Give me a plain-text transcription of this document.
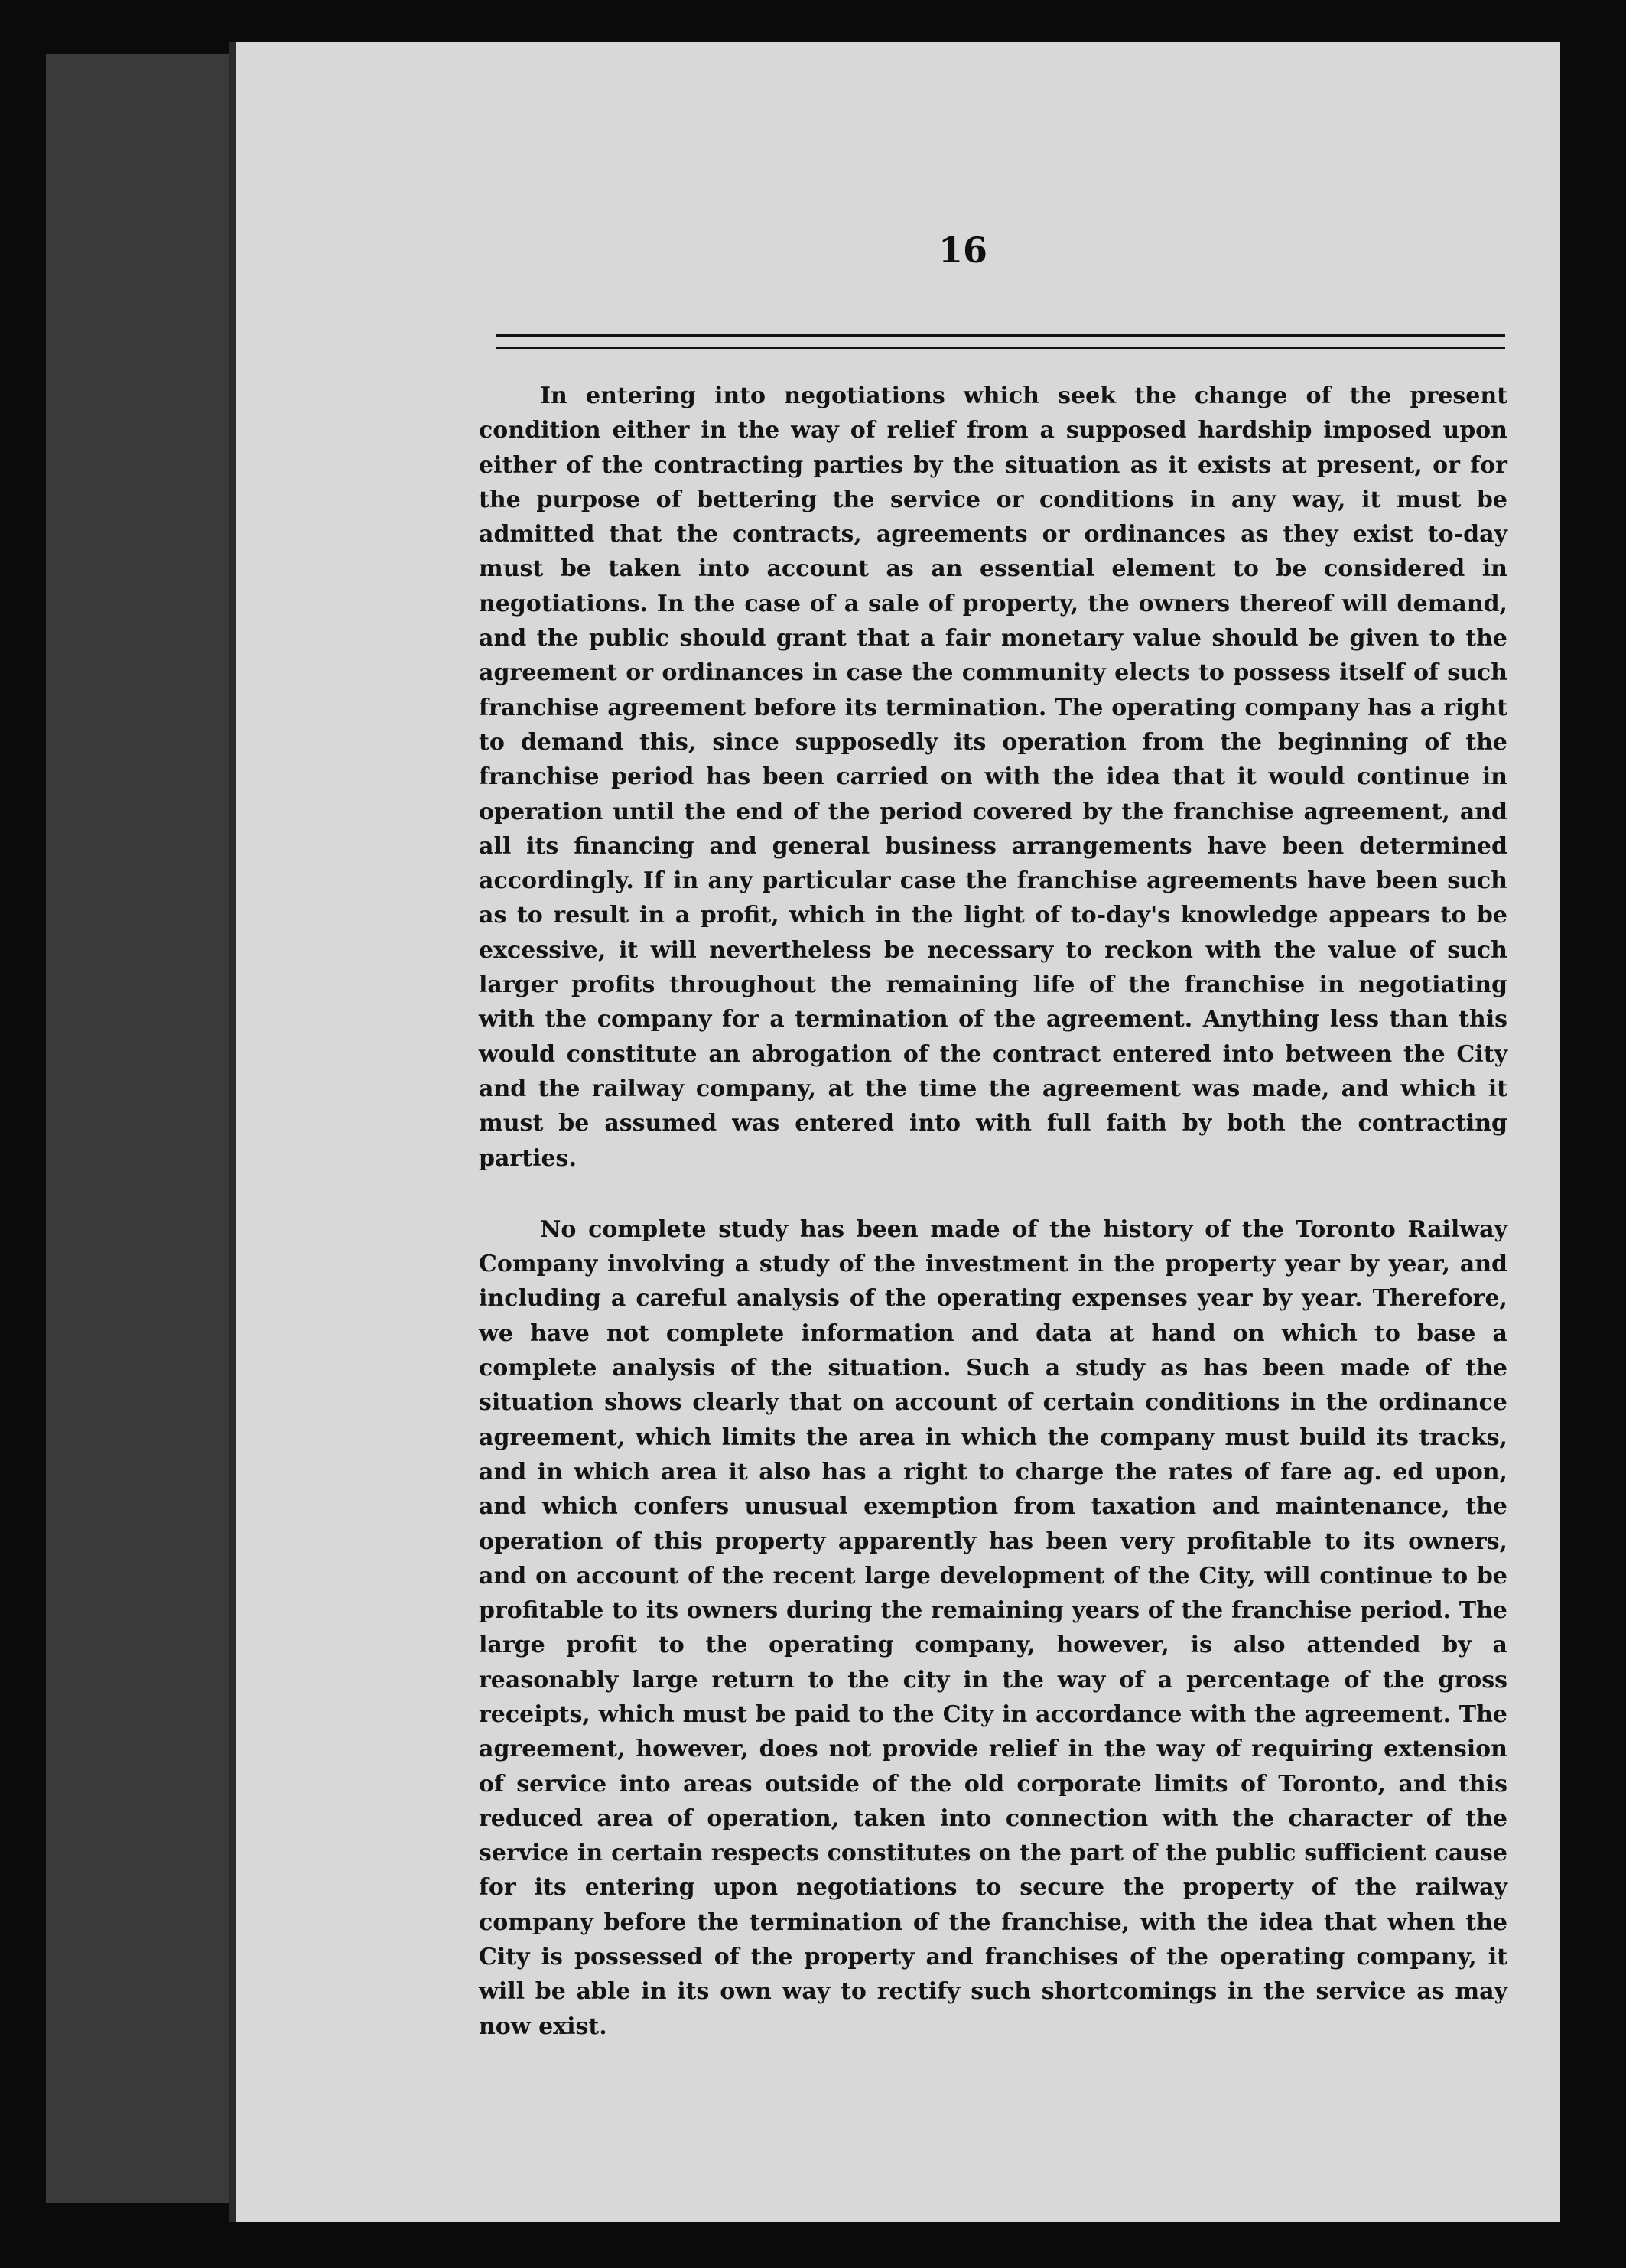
16

In entering into negotiations which seek the change of the present condition either in the way of relief from a supposed hardship imposed upon either of the contracting parties by the situation as it exists at present, or for the purpose of bettering the service or conditions in any way, it must be admitted that the contracts, agreements or ordinances as they exist to-day must be taken into account as an essential element to be considered in negotiations. In the case of a sale of property, the owners thereof will demand, and the public should grant that a fair monetary value should be given to the agreement or ordinances in case the community elects to possess itself of such franchise agreement before its termination. The operating company has a right to demand this, since supposedly its operation from the beginning of the franchise period has been carried on with the idea that it would continue in operation until the end of the period covered by the franchise agreement, and all its financing and general business arrangements have been determined accordingly. If in any particular case the franchise agreements have been such as to result in a profit, which in the light of to-day's knowledge appears to be excessive, it will nevertheless be necessary to reckon with the value of such larger profits throughout the remaining life of the franchise in negotiating with the company for a termination of the agreement. Anything less than this would constitute an abrogation of the contract entered into between the City and the railway company, at the time the agreement was made, and which it must be assumed was entered into with full faith by both the contracting parties.

No complete study has been made of the history of the Toronto Railway Company involving a study of the investment in the property year by year, and including a careful analysis of the operating expenses year by year. Therefore, we have not complete information and data at hand on which to base a complete analysis of the situation. Such a study as has been made of the situation shows clearly that on account of certain conditions in the ordinance agreement, which limits the area in which the company must build its tracks, and in which area it also has a right to charge the rates of fare ag. ed upon, and which confers unusual exemption from taxation and maintenance, the operation of this property apparently has been very profitable to its owners, and on account of the recent large development of the City, will continue to be profitable to its owners during the remaining years of the franchise period. The large profit to the operating company, however, is also attended by a reasonably large return to the city in the way of a percentage of the gross receipts, which must be paid to the City in accordance with the agreement. The agreement, however, does not provide relief in the way of requiring extension of service into areas outside of the old corporate limits of Toronto, and this reduced area of operation, taken into connection with the character of the service in certain respects constitutes on the part of the public sufficient cause for its entering upon negotiations to secure the property of the railway company before the termination of the franchise, with the idea that when the City is possessed of the property and franchises of the operating company, it will be able in its own way to rectify such shortcomings in the service as may now exist.
